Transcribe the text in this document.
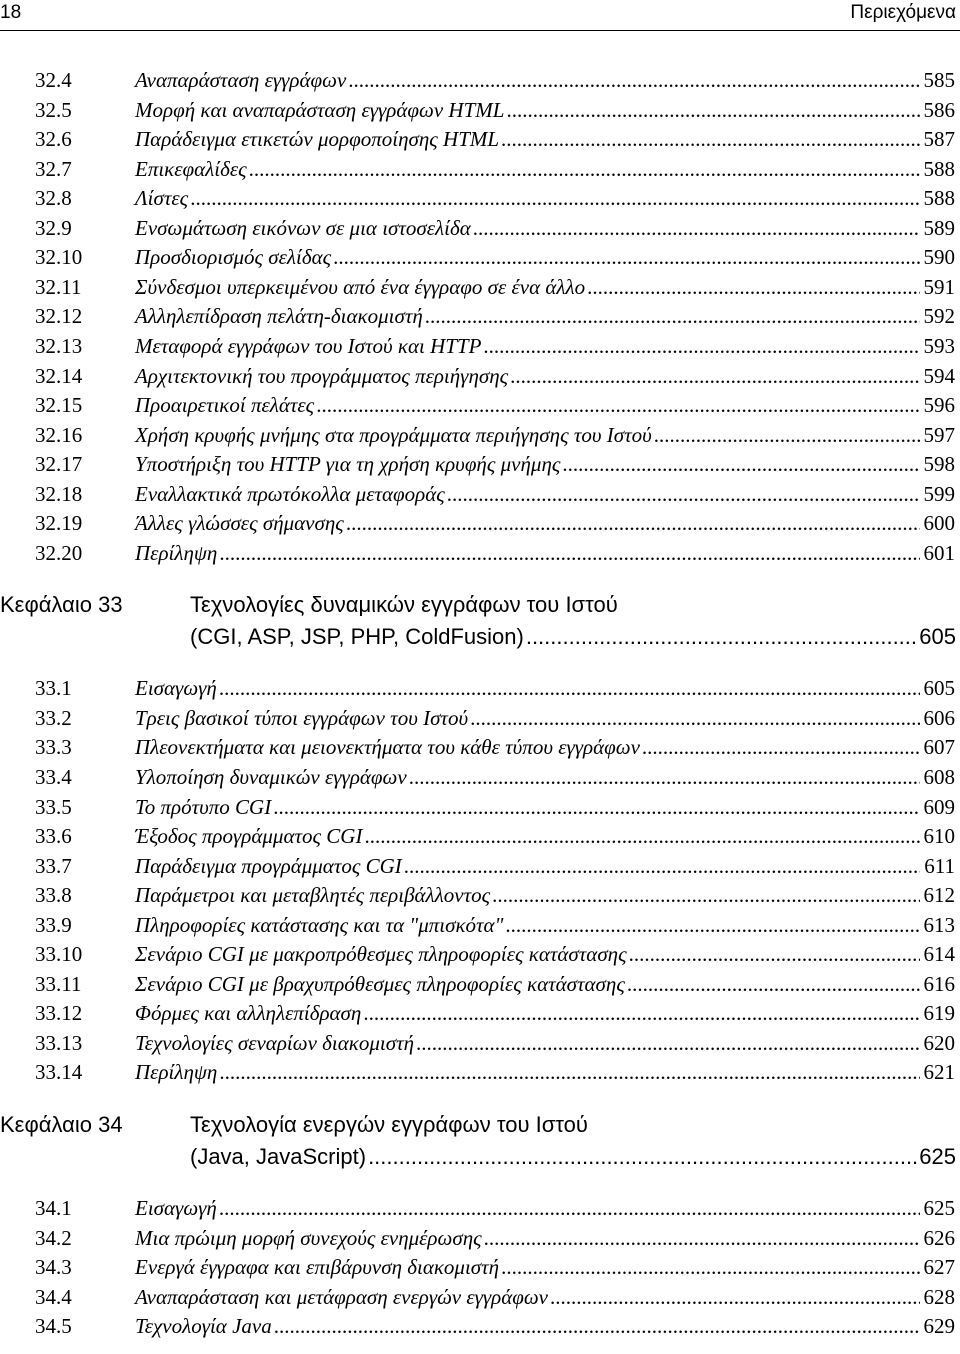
18	Περιεχόμενα
32.4	Αναπαράσταση εγγράφων .....	585
32.5	Μορφή και αναπαράσταση εγγράφων HTML .....	586
32.6	Παράδειγμα ετικετών μορφοποίησης HTML .....	587
32.7	Επικεφαλίδες .....	588
32.8	Λίστες .....	588
32.9	Ενσωμάτωση εικόνων σε μια ιστοσελίδα .....	589
32.10	Προσδιορισμός σελίδας .....	590
32.11	Σύνδεσμοι υπερκειμένου από ένα έγγραφο σε ένα άλλο .....	591
32.12	Αλληλεπίδραση πελάτη-διακομιστή .....	592
32.13	Μεταφορά εγγράφων του Ιστού και HTTP .....	593
32.14	Αρχιτεκτονική του προγράμματος περιήγησης .....	594
32.15	Προαιρετικοί πελάτες .....	596
32.16	Χρήση κρυφής μνήμης στα προγράμματα περιήγησης του Ιστού .....	597
32.17	Υποστήριξη του HTTP για τη χρήση κρυφής μνήμης .....	598
32.18	Εναλλακτικά πρωτόκολλα μεταφοράς .....	599
32.19	Άλλες γλώσσες σήμανσης .....	600
32.20	Περίληψη .....	601
Κεφάλαιο 33	Τεχνολογίες δυναμικών εγγράφων του Ιστού
(CGI, ASP, JSP, PHP, ColdFusion) .....	605
33.1	Εισαγωγή .....	605
33.2	Τρεις βασικοί τύποι εγγράφων του Ιστού .....	606
33.3	Πλεονεκτήματα και μειονεκτήματα του κάθε τύπου εγγράφων .....	607
33.4	Υλοποίηση δυναμικών εγγράφων .....	608
33.5	Το πρότυπο CGI .....	609
33.6	Έξοδος προγράμματος CGI .....	610
33.7	Παράδειγμα προγράμματος CGI .....	611
33.8	Παράμετροι και μεταβλητές περιβάλλοντος .....	612
33.9	Πληροφορίες κατάστασης και τα "μπισκότα" .....	613
33.10	Σενάριο CGI με μακροπρόθεσμες πληροφορίες κατάστασης .....	614
33.11	Σενάριο CGI με βραχυπρόθεσμες πληροφορίες κατάστασης .....	616
33.12	Φόρμες και αλληλεπίδραση .....	619
33.13	Τεχνολογίες σεναρίων διακομιστή .....	620
33.14	Περίληψη .....	621
Κεφάλαιο 34	Τεχνολογία ενεργών εγγράφων του Ιστού
(Java, JavaScript) .....	625
34.1	Εισαγωγή .....	625
34.2	Μια πρώιμη μορφή συνεχούς ενημέρωσης .....	626
34.3	Ενεργά έγγραφα και επιβάρυνση διακομιστή .....	627
34.4	Αναπαράσταση και μετάφραση ενεργών εγγράφων .....	628
34.5	Τεχνολογία Java .....	629
